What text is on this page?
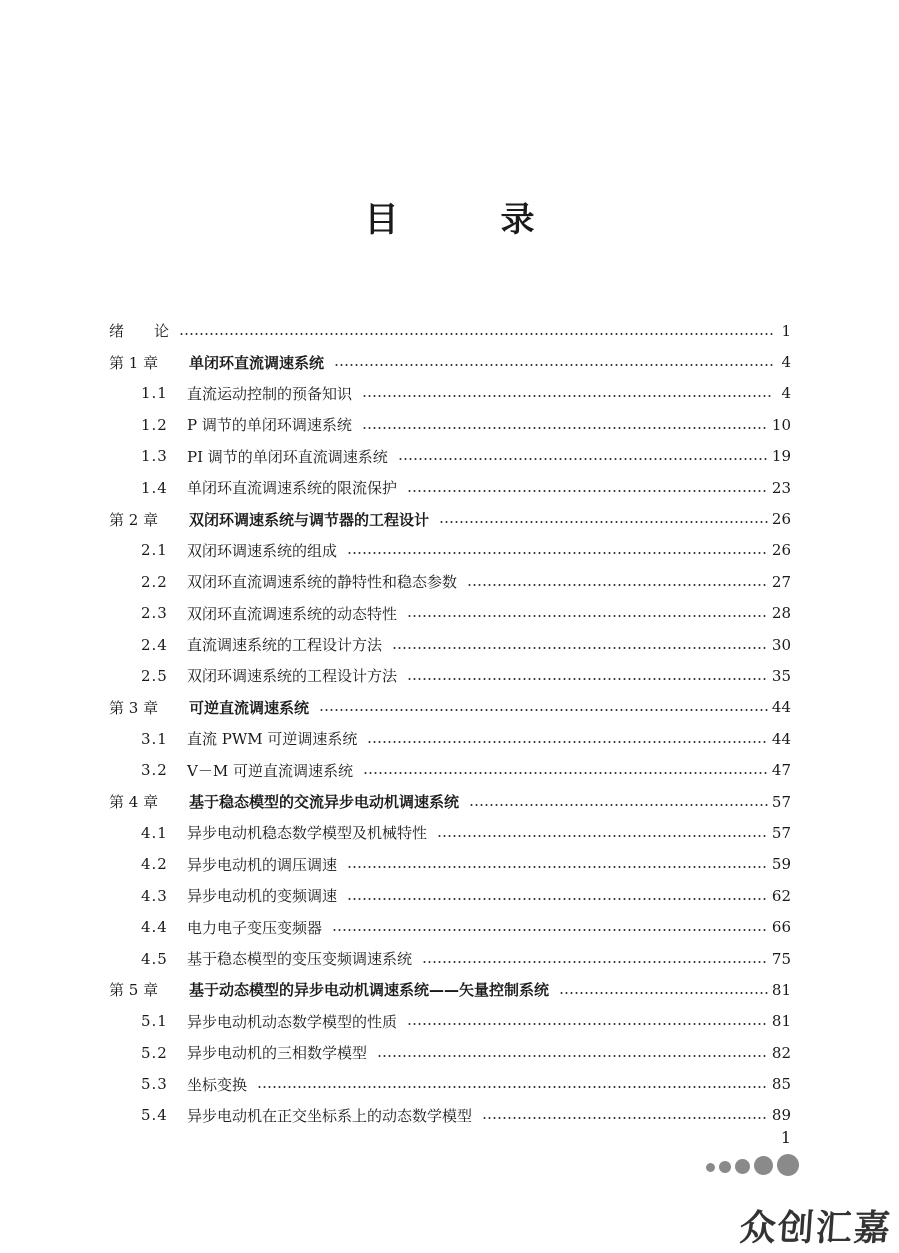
目　录
绪　　论	1
第 1 章	单闭环直流调速系统	4
1.1	直流运动控制的预备知识	4
1.2	P 调节的单闭环调速系统	10
1.3	PI 调节的单闭环直流调速系统	19
1.4	单闭环直流调速系统的限流保护	23
第 2 章	双闭环调速系统与调节器的工程设计	26
2.1	双闭环调速系统的组成	26
2.2	双闭环直流调速系统的静特性和稳态参数	27
2.3	双闭环直流调速系统的动态特性	28
2.4	直流调速系统的工程设计方法	30
2.5	双闭环调速系统的工程设计方法	35
第 3 章	可逆直流调速系统	44
3.1	直流 PWM 可逆调速系统	44
3.2	V－M 可逆直流调速系统	47
第 4 章	基于稳态模型的交流异步电动机调速系统	57
4.1	异步电动机稳态数学模型及机械特性	57
4.2	异步电动机的调压调速	59
4.3	异步电动机的变频调速	62
4.4	电力电子变压变频器	66
4.5	基于稳态模型的变压变频调速系统	75
第 5 章	基于动态模型的异步电动机调速系统——矢量控制系统	81
5.1	异步电动机动态数学模型的性质	81
5.2	异步电动机的三相数学模型	82
5.3	坐标变换	85
5.4	异步电动机在正交坐标系上的动态数学模型	89
1
众创汇嘉
